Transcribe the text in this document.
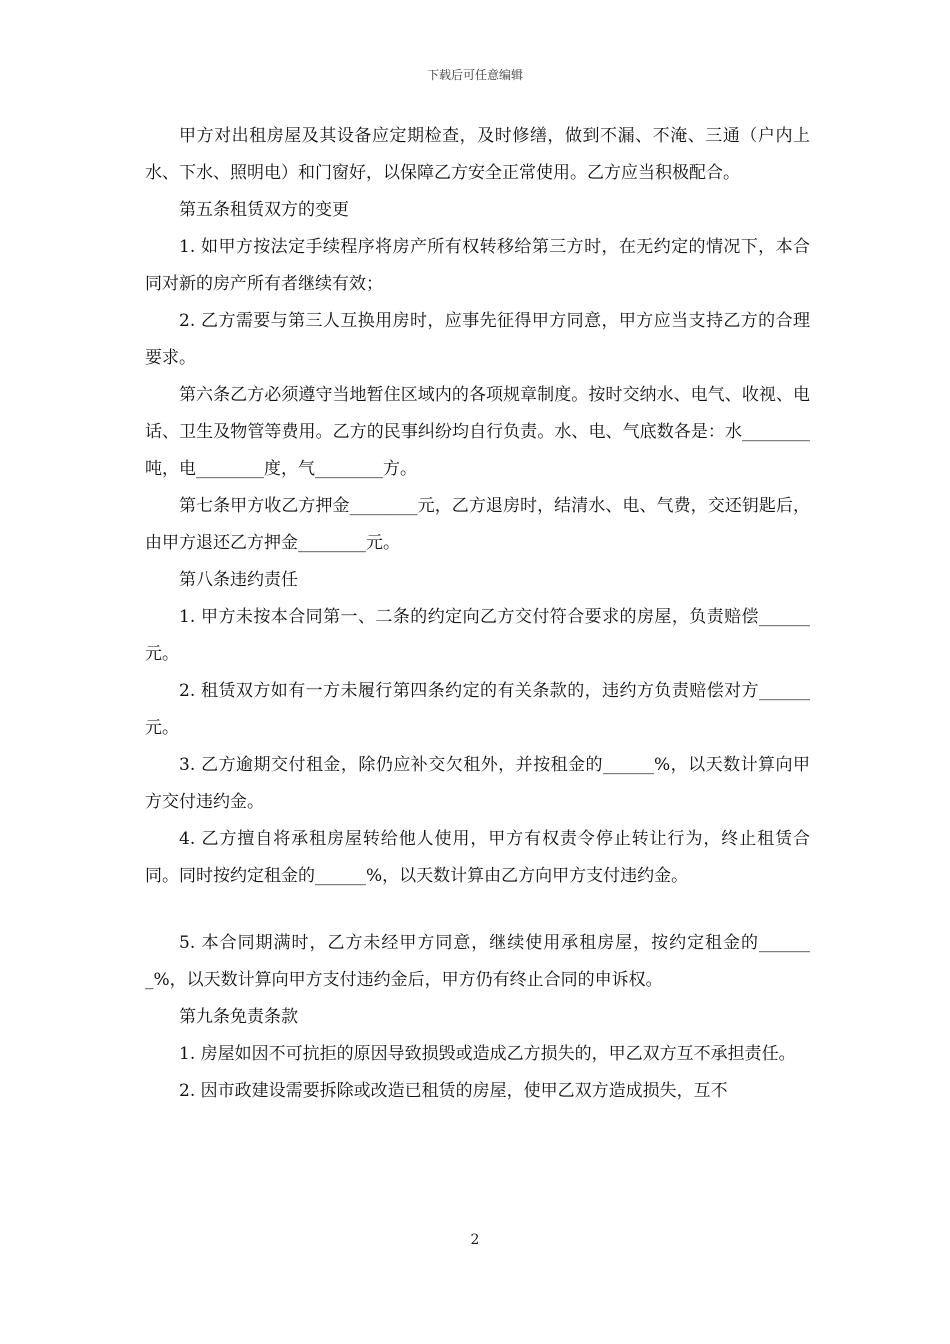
下载后可任意编辑

甲方对出租房屋及其设备应定期检查，及时修缮，做到不漏、不淹、三通（户内上水、下水、照明电）和门窗好，以保障乙方安全正常使用。乙方应当积极配合。

第五条租赁双方的变更

1. 如甲方按法定手续程序将房产所有权转移给第三方时，在无约定的情况下，本合同对新的房产所有者继续有效；

2. 乙方需要与第三人互换用房时，应事先征得甲方同意，甲方应当支持乙方的合理要求。

第六条乙方必须遵守当地暂住区域内的各项规章制度。按时交纳水、电气、收视、电话、卫生及物管等费用。乙方的民事纠纷均自行负责。水、电、气底数各是：水________吨，电________度，气________方。

第七条甲方收乙方押金________元，乙方退房时，结清水、电、气费，交还钥匙后，由甲方退还乙方押金________元。

第八条违约责任

1. 甲方未按本合同第一、二条的约定向乙方交付符合要求的房屋，负责赔偿______元。

2. 租赁双方如有一方未履行第四条约定的有关条款的，违约方负责赔偿对方______元。

3. 乙方逾期交付租金，除仍应补交欠租外，并按租金的______%，以天数计算向甲方交付违约金。

4. 乙方擅自将承租房屋转给他人使用，甲方有权责令停止转让行为，终止租赁合同。同时按约定租金的______%，以天数计算由乙方向甲方支付违约金。

5. 本合同期满时，乙方未经甲方同意，继续使用承租房屋，按约定租金的_______%，以天数计算向甲方支付违约金后，甲方仍有终止合同的申诉权。

第九条免责条款

1. 房屋如因不可抗拒的原因导致损毁或造成乙方损失的，甲乙双方互不承担责任。

2. 因市政建设需要拆除或改造已租赁的房屋，使甲乙双方造成损失，互不

2
